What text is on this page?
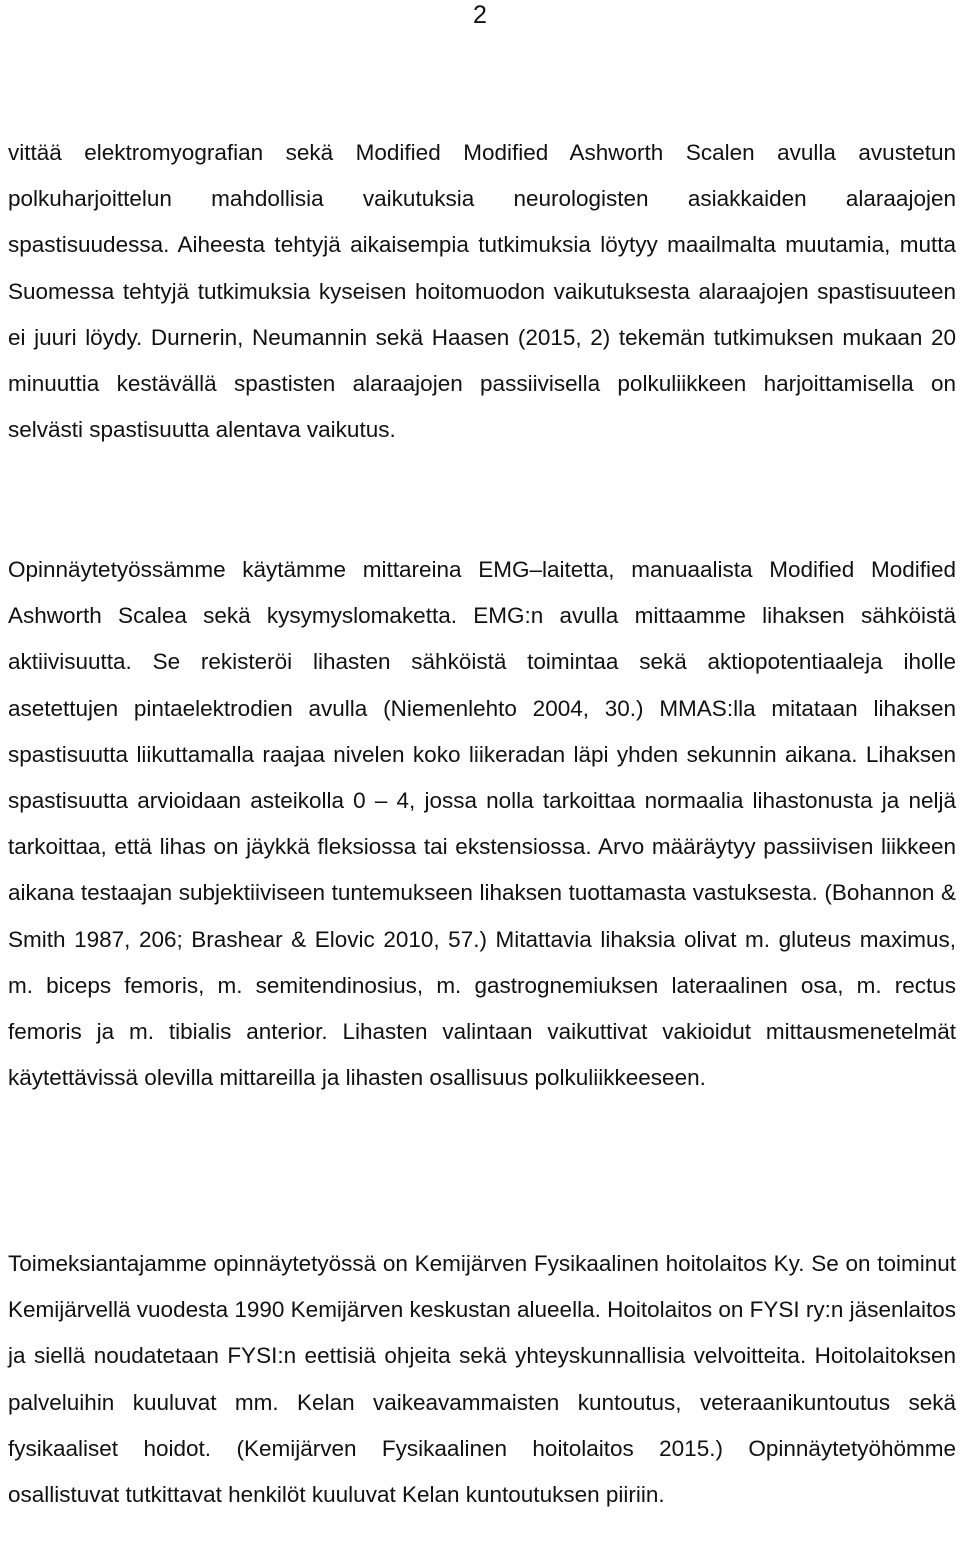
2

vittää elektromyografian sekä Modified Modified Ashworth Scalen avulla avustetun polkuharjoittelun mahdollisia vaikutuksia neurologisten asiakkaiden alaraajojen spastisuudessa. Aiheesta tehtyjä aikaisempia tutkimuksia löytyy maailmalta muutamia, mutta Suomessa tehtyjä tutkimuksia kyseisen hoitomuodon vaikutuksesta alaraajojen spastisuuteen ei juuri löydy. Durnerin, Neumannin sekä Haasen (2015, 2) tekemän tutkimuksen mukaan 20 minuuttia kestävällä spastisten alaraajojen passiivisella polkuliikkeen harjoittamisella on selvästi spastisuutta alentava vaikutus.

Opinnäytetyössämme käytämme mittareina EMG–laitetta, manuaalista Modified Modified Ashworth Scalea sekä kysymyslomaketta. EMG:n avulla mittaamme lihaksen sähköistä aktiivisuutta. Se rekisteröi lihasten sähköistä toimintaa sekä aktiopotentiaaleja iholle asetettujen pintaelektrodien avulla (Niemenlehto 2004, 30.) MMAS:lla mitataan lihaksen spastisuutta liikuttamalla raajaa nivelen koko liikeradan läpi yhden sekunnin aikana. Lihaksen spastisuutta arvioidaan asteikolla 0 – 4, jossa nolla tarkoittaa normaalia lihastonusta ja neljä tarkoittaa, että lihas on jäykkä fleksiossa tai ekstensiossa. Arvo määräytyy passiivisen liikkeen aikana testaajan subjektiiviseen tuntemukseen lihaksen tuottamasta vastuksesta. (Bohannon & Smith 1987, 206; Brashear & Elovic 2010, 57.) Mitattavia lihaksia olivat m. gluteus maximus, m. biceps femoris, m. semitendinosius, m. gastrognemiuksen lateraalinen osa, m. rectus femoris ja m. tibialis anterior. Lihasten valintaan vaikuttivat vakioidut mittausmenetelmät käytettävissä olevilla mittareilla ja lihasten osallisuus polkuliikkeeseen.

Toimeksiantajamme opinnäytetyössä on Kemijärven Fysikaalinen hoitolaitos Ky. Se on toiminut Kemijärvellä vuodesta 1990 Kemijärven keskustan alueella. Hoitolaitos on FYSI ry:n jäsenlaitos ja siellä noudatetaan FYSI:n eettisiä ohjeita sekä yhteyskunnallisia velvoitteita. Hoitolaitoksen palveluihin kuuluvat mm. Kelan vaikeavammaisten kuntoutus, veteraanikuntoutus sekä fysikaaliset hoidot. (Kemijärven Fysikaalinen hoitolaitos 2015.) Opinnäytetyöhömme osallistuvat tutkittavat henkilöt kuuluvat Kelan kuntoutuksen piiriin.
